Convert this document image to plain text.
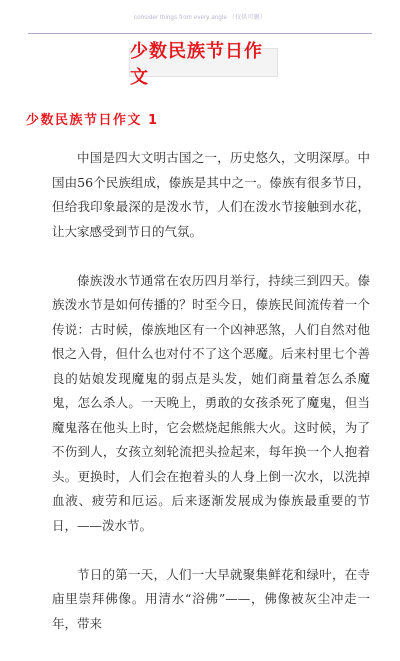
consider things from every angle （仅供可删）
少数民族节日作文
少数民族节日作文 1

中国是四大文明古国之一，历史悠久，文明深厚。中国由56个民族组成，傣族是其中之一。傣族有很多节日，但给我印象最深的是泼水节，人们在泼水节接触到水花，让大家感受到节日的气氛。

傣族泼水节通常在农历四月举行，持续三到四天。傣族泼水节是如何传播的？时至今日，傣族民间流传着一个传说：古时候，傣族地区有一个凶神恶煞，人们自然对他恨之入骨，但什么也对付不了这个恶魔。后来村里七个善良的姑娘发现魔鬼的弱点是头发，她们商量着怎么杀魔鬼，怎么杀人。一天晚上，勇敢的女孩杀死了魔鬼，但当魔鬼落在他头上时，它会燃烧起熊熊大火。这时候，为了不伤到人，女孩立刻轮流把头捡起来，每年换一个人抱着头。更换时，人们会在抱着头的人身上倒一次水，以洗掉血液、疲劳和厄运。后来逐渐发展成为傣族最重要的节日，——泼水节。

节日的第一天，人们一大早就聚集鲜花和绿叶，在寺庙里崇拜佛像。用清水“浴佛”——，佛像被灰尘冲走一年，带来
